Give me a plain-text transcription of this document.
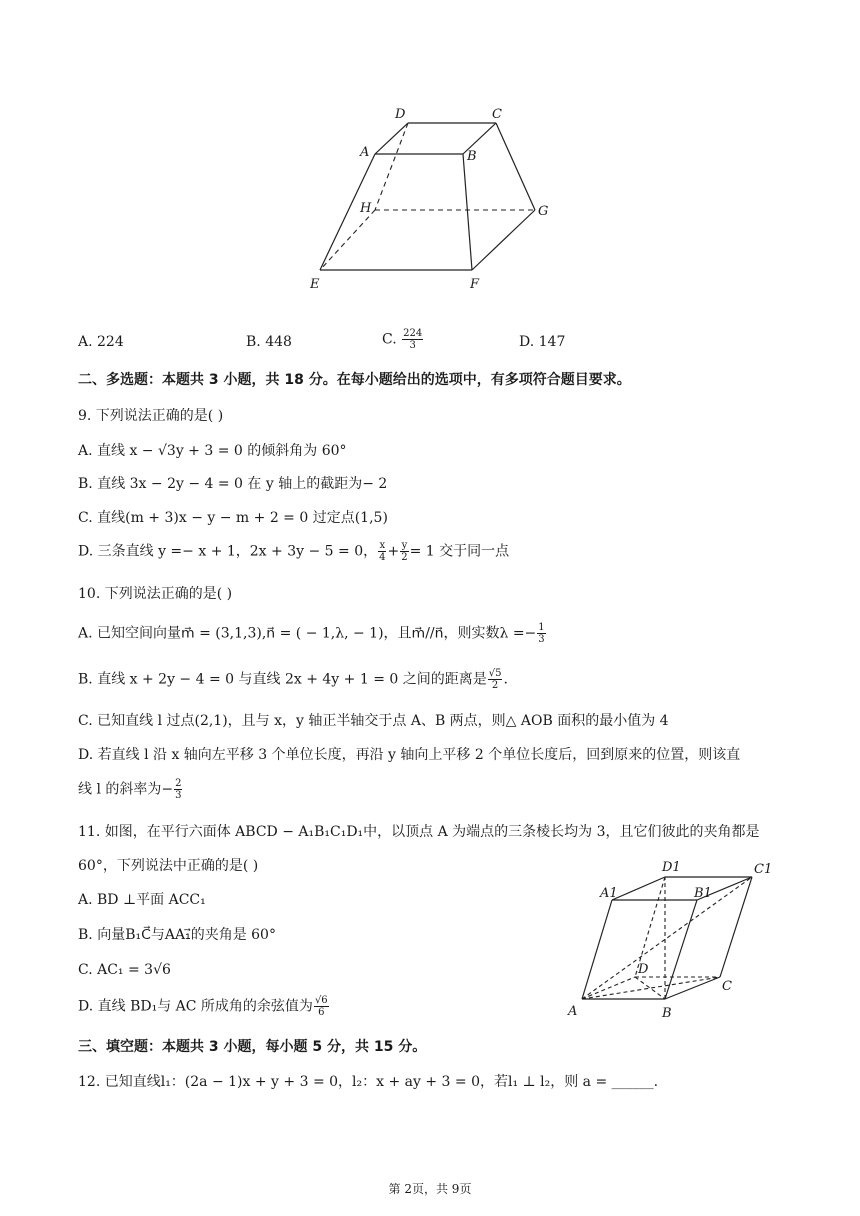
D	C
A	B
H	G
E	F
A. 224	B. 448	C. $\frac{224}{3}$	D. 147
二、多选题：本题共 3 小题，共 18 分。在每小题给出的选项中，有多项符合题目要求。
9. 下列说法正确的是( )
A. 直线 x − √3y + 3 = 0 的倾斜角为 60°
B. 直线 3x − 2y − 4 = 0 在 y 轴上的截距为− 2
C. 直线(m + 3)x − y − m + 2 = 0 过定点(1,5)
D. 三条直线 y =− x + 1，2x + 3y − 5 = 0， $\frac{x}{4} + \frac{y}{2} = 1$ 交于同一点
10. 下列说法正确的是( )
A. 已知空间向量m⃗ = (3,1,3),n⃗ = ( − 1,λ, − 1)，且m⃗//n⃗，则实数$\lambda =- \frac{1}{3}$
B. 直线 x + 2y − 4 = 0 与直线 2x + 4y + 1 = 0 之间的距离是 $\frac{√5}{2}$ .
C. 已知直线 l 过点(2,1)，且与 x，y 轴正半轴交于点 A、B 两点，则△ AOB 面积的最小值为 4
D. 若直线 l 沿 x 轴向左平移 3 个单位长度，再沿 y 轴向上平移 2 个单位长度后，回到原来的位置，则该直
线 l 的斜率为− $\frac{2}{3}$
11. 如图，在平行六面体 ABCD − A₁B₁C₁D₁中，以顶点 A 为端点的三条棱长均为 3，且它们彼此的夹角都是
60°，下列说法中正确的是( )
A. BD ⊥平面 ACC₁
B. 向量B₁C⃗与AA₁⃗的夹角是 60°
C. AC₁ = 3√6
D. 直线 BD₁与 AC 所成角的余弦值为 $\frac{√6}{6}$
D1	C1
A1	B1
D
C
A	B
三、填空题：本题共 3 小题，每小题 5 分，共 15 分。
12. 已知直线l₁：(2a − 1)x + y + 3 = 0，l₂：x + ay + 3 = 0，若l₁ ⊥ l₂，则 a = ______.
第 2页，共 9页
